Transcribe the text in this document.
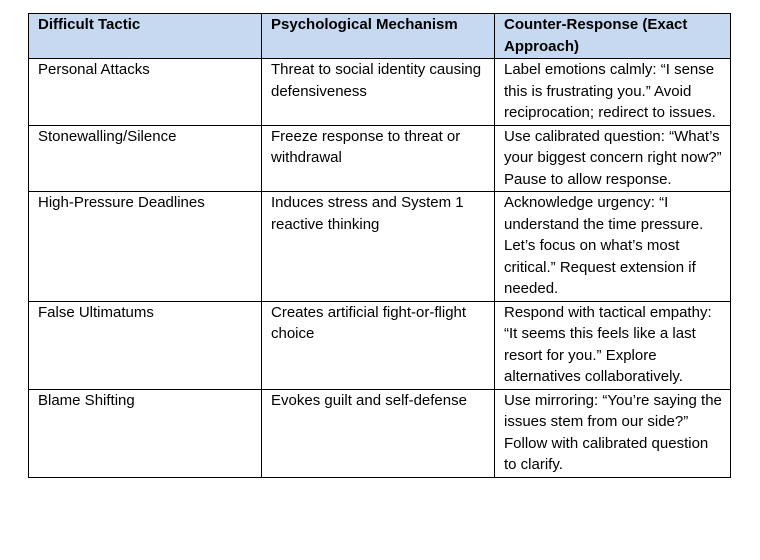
Difficult Tactic	Psychological Mechanism	Counter-Response (Exact Approach)
Personal Attacks	Threat to social identity causing defensiveness	Label emotions calmly: “I sense this is frustrating you.” Avoid reciprocation; redirect to issues.
Stonewalling/Silence	Freeze response to threat or withdrawal	Use calibrated question: “What’s your biggest concern right now?” Pause to allow response.
High-Pressure Deadlines	Induces stress and System 1 reactive thinking	Acknowledge urgency: “I understand the time pressure. Let’s focus on what’s most critical.” Request extension if needed.
False Ultimatums	Creates artificial fight-or-flight choice	Respond with tactical empathy: “It seems this feels like a last resort for you.” Explore alternatives collaboratively.
Blame Shifting	Evokes guilt and self-defense	Use mirroring: “You’re saying the issues stem from our side?” Follow with calibrated question to clarify.
